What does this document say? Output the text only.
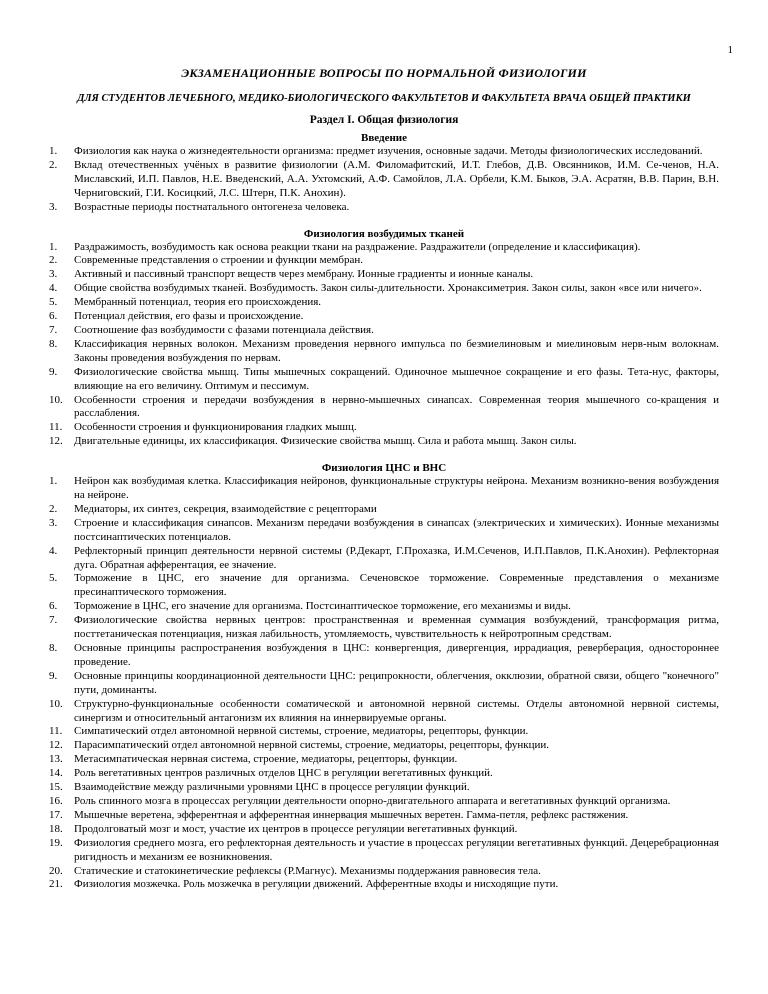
1
ЭКЗАМЕНАЦИОННЫЕ ВОПРОСЫ ПО НОРМАЛЬНОЙ ФИЗИОЛОГИИ
ДЛЯ СТУДЕНТОВ ЛЕЧЕБНОГО, МЕДИКО-БИОЛОГИЧЕСКОГО ФАКУЛЬТЕТОВ И ФАКУЛЬТЕТА ВРАЧА ОБЩЕЙ ПРАКТИКИ
Раздел I. Общая физиология
Введение
1. Физиология как наука о жизнедеятельности организма: предмет изучения, основные задачи. Методы физиологических исследований.
2. Вклад отечественных учёных в развитие физиологии (А.М. Филомафитский, И.Т. Глебов, Д.В. Овсянников, И.М. Се-ченов, Н.А. Миславский, И.П. Павлов, Н.Е. Введенский, А.А. Ухтомский, А.Ф. Самойлов, Л.А. Орбели, К.М. Быков, Э.А. Асратян, В.В. Парин, В.Н. Черниговский, Г.И. Косицкий, Л.С. Штерн, П.К. Анохин).
3. Возрастные периоды постнатального онтогенеза человека.
Физиология возбудимых тканей
1. Раздражимость, возбудимость как основа реакции ткани на раздражение. Раздражители (определение и классификация).
2. Современные представления о строении и функции мембран.
3. Активный и пассивный транспорт веществ через мембрану. Ионные градиенты и ионные каналы.
4. Общие свойства возбудимых тканей. Возбудимость. Закон силы-длительности. Хронаксиметрия. Закон силы, закон «все или ничего».
5. Мембранный потенциал, теория его происхождения.
6. Потенциал действия, его фазы и происхождение.
7. Соотношение фаз возбудимости с фазами потенциала действия.
8. Классификация нервных волокон. Механизм проведения нервного импульса по безмиелиновым и миелиновым нерв-ным волокнам. Законы проведения возбуждения по нервам.
9. Физиологические свойства мышц. Типы мышечных сокращений. Одиночное мышечное сокращение и его фазы. Тета-нус, факторы, влияющие на его величину. Оптимум и пессимум.
10. Особенности строения и передачи возбуждения в нервно-мышечных синапсах. Современная теория мышечного со-кращения и расслабления.
11. Особенности строения и функционирования гладких мышц.
12. Двигательные единицы, их классификация. Физические свойства мышц. Сила и работа мышц. Закон силы.
Физиология ЦНС и ВНС
1. Нейрон как возбудимая клетка. Классификация нейронов, функциональные структуры нейрона. Механизм возникно-вения возбуждения на нейроне.
2. Медиаторы, их синтез, секреция, взаимодействие с рецепторами
3. Строение и классификация синапсов. Механизм передачи возбуждения в синапсах (электрических и химических). Ионные механизмы постсинаптических потенциалов.
4. Рефлекторный принцип деятельности нервной системы (Р.Декарт, Г.Прохазка, И.М.Сеченов, И.П.Павлов, П.К.Анохин). Рефлекторная дуга. Обратная афферентация, ее значение.
5. Торможение в ЦНС, его значение для организма. Сеченовское торможение. Современные представления о механизме пресинаптического торможения.
6. Торможение в ЦНС, его значение для организма. Постсинаптическое торможение, его механизмы и виды.
7. Физиологические свойства нервных центров: пространственная и временная суммация возбуждений, трансформация ритма, посттетаническая потенциация, низкая лабильность, утомляемость, чувствительность к нейротропным средствам.
8. Основные принципы распространения возбуждения в ЦНС: конвергенция, дивергенция, иррадиация, реверберация, одностороннее проведение.
9. Основные принципы координационной деятельности ЦНС: реципрокности, облегчения, окклюзии, обратной связи, общего "конечного" пути, доминанты.
10. Структурно-функциональные особенности соматической и автономной нервной системы. Отделы автономной нервной системы, синергизм и относительный антагонизм их влияния на иннервируемые органы.
11. Симпатический отдел автономной нервной системы, строение, медиаторы, рецепторы, функции.
12. Парасимпатический отдел автономной нервной системы, строение, медиаторы, рецепторы, функции.
13. Метасимпатическая нервная система, строение, медиаторы, рецепторы, функции.
14. Роль вегетативных центров различных отделов ЦНС в регуляции вегетативных функций.
15. Взаимодействие между различными уровнями ЦНС в процессе регуляции функций.
16. Роль спинного мозга в процессах регуляции деятельности опорно-двигательного аппарата и вегетативных функций организма.
17. Мышечные веретена, эфферентная и афферентная иннервация мышечных веретен. Гамма-петля, рефлекс растяжения.
18. Продолговатый мозг и мост, участие их центров в процессе регуляции вегетативных функций.
19. Физиология среднего мозга, его рефлекторная деятельность и участие в процессах регуляции вегетативных функций. Децеребрационная ригидность и механизм ее возникновения.
20. Статические и статокинетические рефлексы (Р.Магнус). Механизмы поддержания равновесия тела.
21. Физиология мозжечка. Роль мозжечка в регуляции движений. Афферентные входы и нисходящие пути.
